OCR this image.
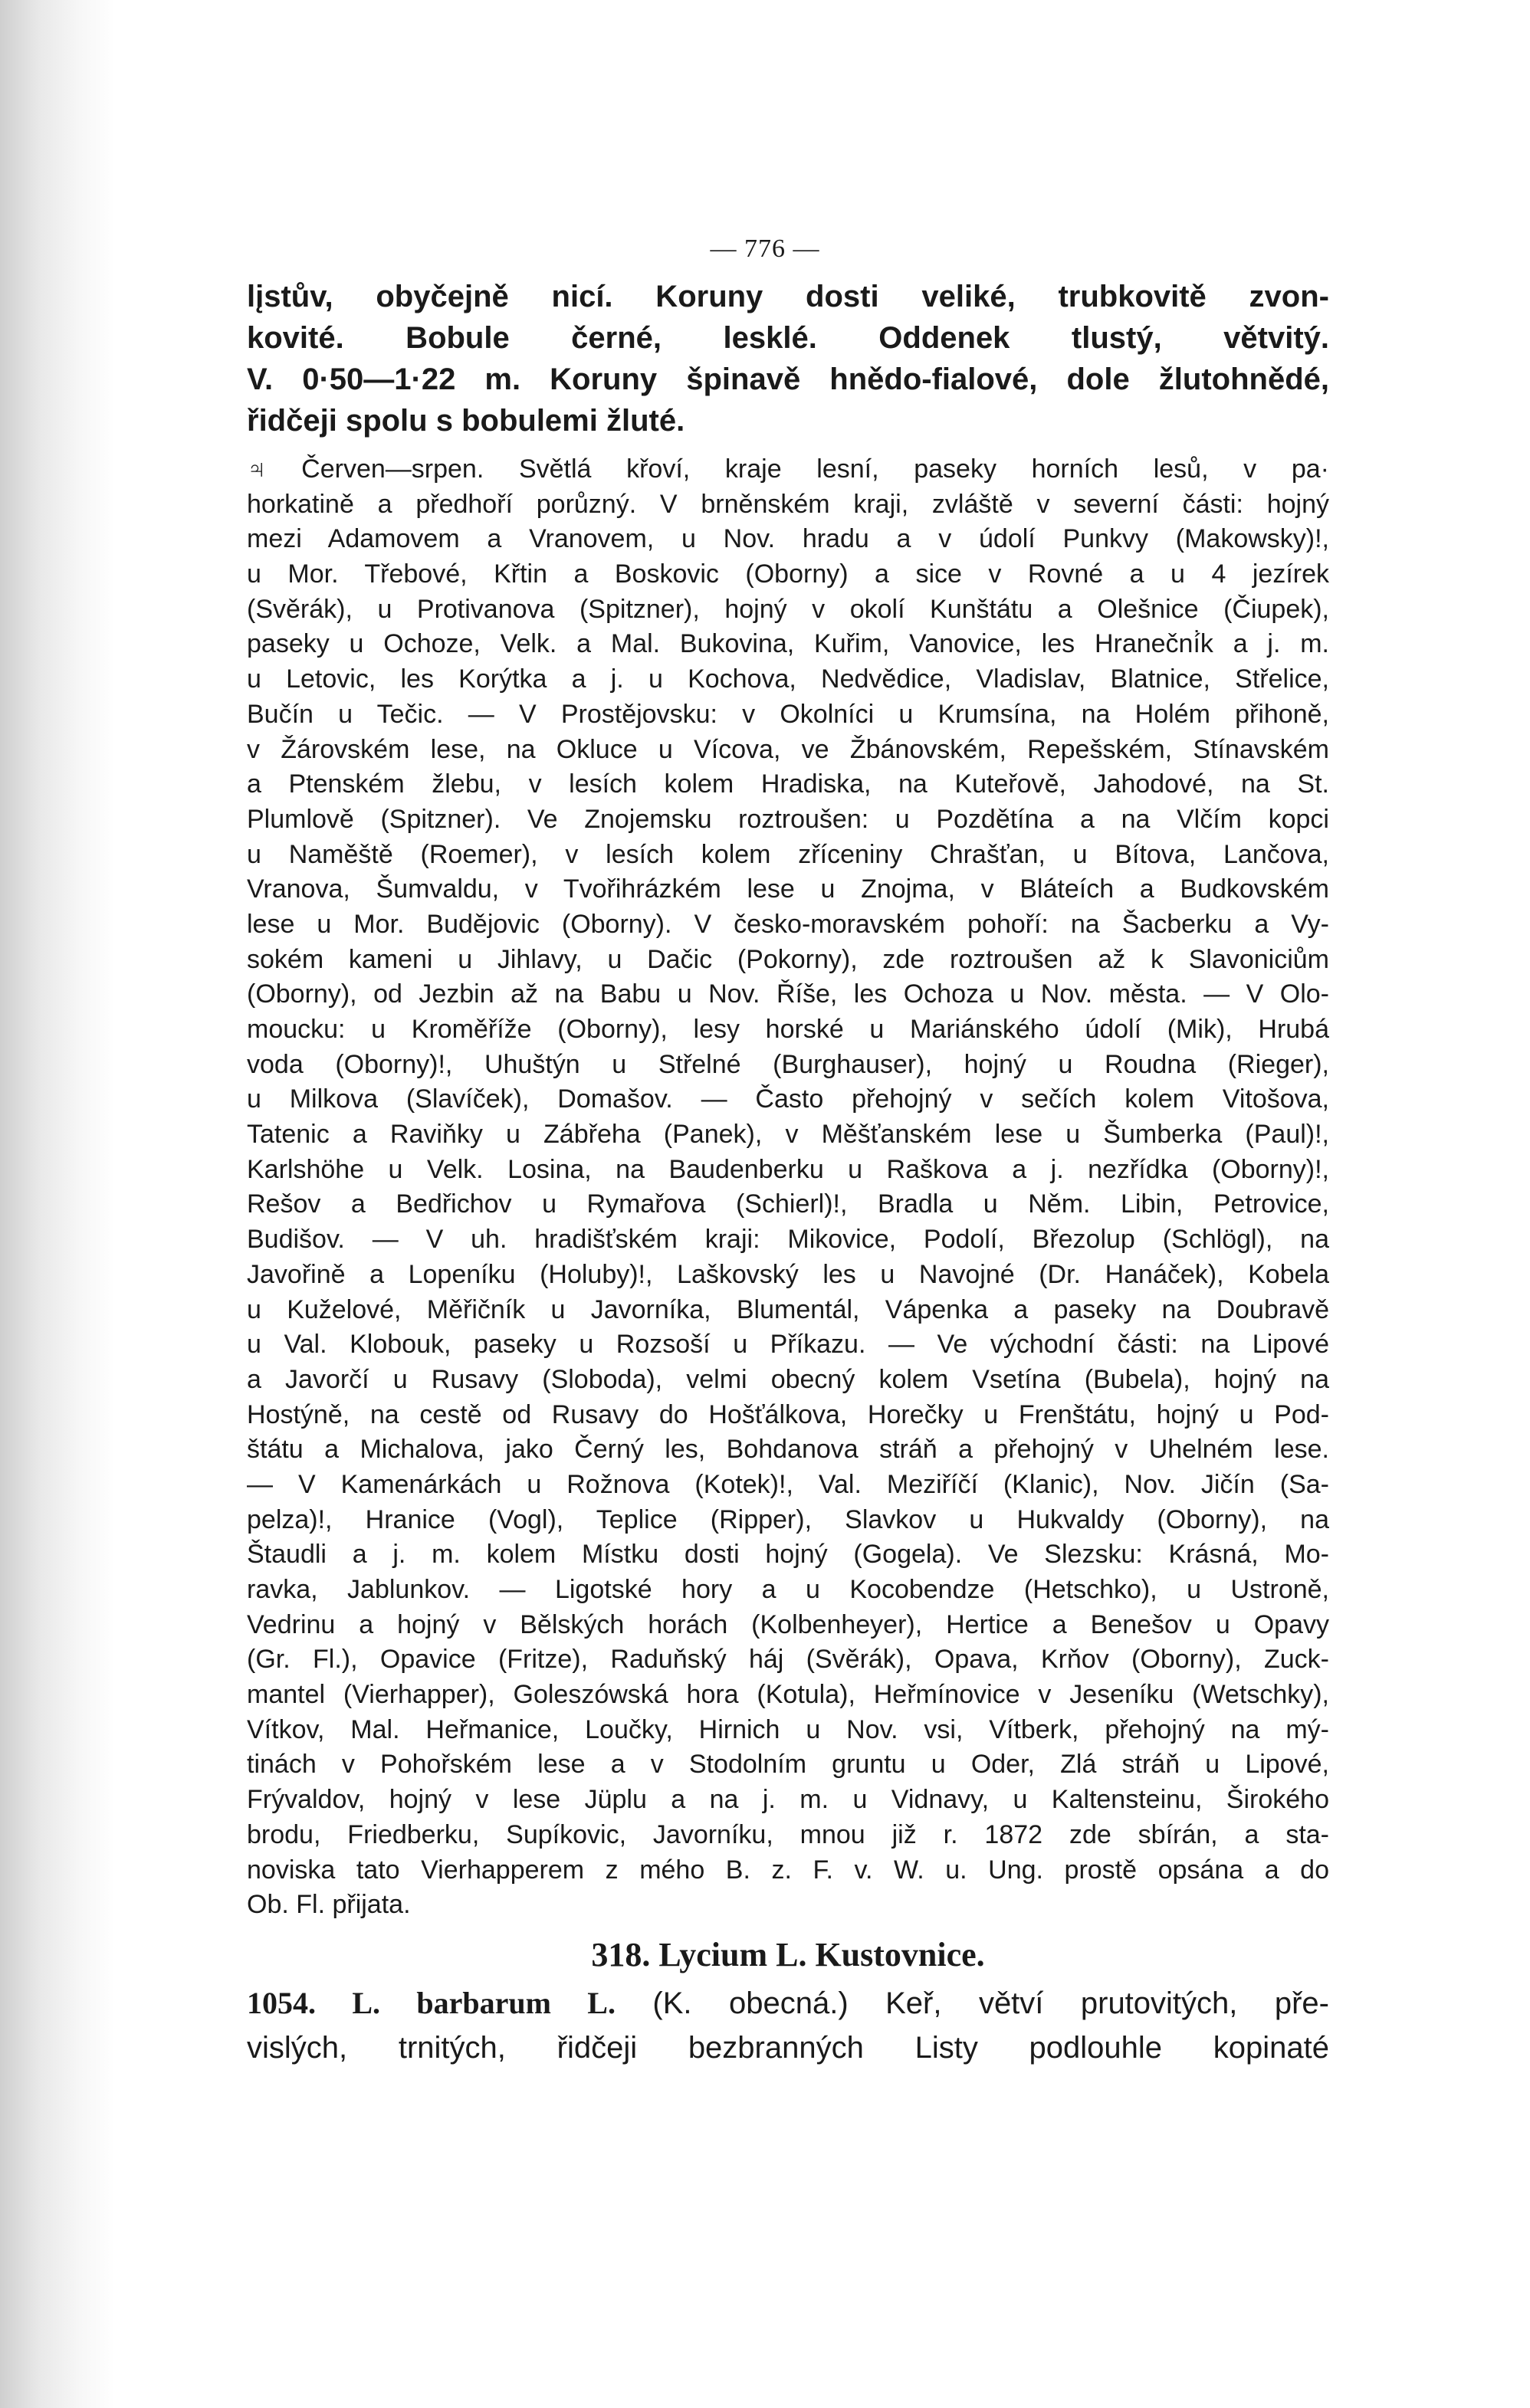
— 776 —
lįstův, obyčejně nicí. Koruny dosti veliké, trubkovitě zvon-
kovité. Bobule černé, lesklé. Oddenek tlustý, větvitý.
V. 0·50—1·22 m. Koruny špinavě hnědo-fialové, dole žlutohnědé,
řidčeji spolu s bobulemi žluté.
♃ Červen—srpen. Světlá křoví, kraje lesní, paseky horních lesů, v pa·
horkatině a předhoří porůzný. V brněnském kraji, zvláště v severní části: hojný
mezi Adamovem a Vranovem, u Nov. hradu a v údolí Punkvy (Makowsky)!,
u Mor. Třebové, Křtin a Boskovic (Oborny) a sice v Rovné a u 4 jezírek
(Svěrák), u Protivanova (Spitzner), hojný v okolí Kunštátu a Olešnice (Čiupek),
paseky u Ochoze, Velk. a Mal. Bukovina, Kuřim, Vanovice, les Hraneční̇k a j. m.
u Letovic, les Korýtka a j. u Kochova, Nedvědice, Vladislav, Blatnice, Střelice,
Bučín u Tečic. — V Prostějovsku: v Okolníci u Krumsína, na Holém přihoně,
v Žárovském lese, na Okluce u Vícova, ve Žbánovském, Repešském, Stínavském
a Ptenském žlebu, v lesích kolem Hradiska, na Kuteřově, Jahodové, na St.
Plumlově (Spitzner). Ve Znojemsku roztroušen: u Pozdětína a na Vlčím kopci
u Naměště (Roemer), v lesích kolem zříceniny Chrašťan, u Bítova, Lančova,
Vranova, Šumvaldu, v Tvořihrázkém lese u Znojma, v Bláteích a Budkovském
lese u Mor. Budějovic (Oborny). V česko-moravském pohoří: na Šacberku a Vy-
sokém kameni u Jihlavy, u Dačic (Pokorny), zde roztroušen až k Slavoniciům
(Oborny), od Jezbin až na Babu u Nov. Říše, les Ochoza u Nov. města. — V Olo-
moucku: u Kroměříže (Oborny), lesy horské u Mariánského údolí (Mik), Hrubá
voda (Oborny)!, Uhuštýn u Střelné (Burghauser), hojný u Roudna (Rieger),
u Milkova (Slavíček), Domašov. — Často přehojný v sečích kolem Vitošova,
Tatenic a Raviňky u Zábřeha (Panek), v Měšťanském lese u Šumberka (Paul)!,
Karlshöhe u Velk. Losina, na Baudenberku u Raškova a j. nezřídka (Oborny)!,
Rešov a Bedřichov u Rymařova (Schierl)!, Bradla u Něm. Libin, Petrovice,
Budišov. — V uh. hradišťském kraji: Mikovice, Podolí, Březolup (Schlögl), na
Javořině a Lopeníku (Holuby)!, Laškovský les u Navojné (Dr. Hanáček), Kobela
u Kuželové, Měřičník u Javorníka, Blumentál, Vápenka a paseky na Doubravě
u Val. Klobouk, paseky u Rozsoší u Příkazu. — Ve východní části: na Lipové
a Javorčí u Rusavy (Sloboda), velmi obecný kolem Vsetína (Bubela), hojný na
Hostýně, na cestě od Rusavy do Hošťálkova, Horečky u Frenštátu, hojný u Pod-
štátu a Michalova, jako Černý les, Bohdanova stráň a přehojný v Uhelném lese.
— V Kamenárkách u Rožnova (Kotek)!, Val. Meziříčí (Klanic), Nov. Jičín (Sa-
pelza)!, Hranice (Vogl), Teplice (Ripper), Slavkov u Hukvaldy (Oborny), na
Štaudli a j. m. kolem Místku dosti hojný (Gogela). Ve Slezsku: Krásná, Mo-
ravka, Jablunkov. — Ligotské hory a u Kocobendze (Hetschko), u Ustroně,
Vedrinu a hojný v Bělských horách (Kolbenheyer), Hertice a Benešov u Opavy
(Gr. Fl.), Opavice (Fritze), Raduňský háj (Svěrák), Opava, Krňov (Oborny), Zuck-
mantel (Vierhapper), Goleszówská hora (Kotula), Heřmínovice v Jeseníku (Wetschky),
Vítkov, Mal. Heřmanice, Loučky, Hirnich u Nov. vsi, Vítberk, přehojný na mý-
tinách v Pohořském lese a v Stodolním gruntu u Oder, Zlá stráň u Lipové,
Frývaldov, hojný v lese Jüplu a na j. m. u Vidnavy, u Kaltensteinu, Širokého
brodu, Friedberku, Supíkovic, Javorníku, mnou již r. 1872 zde sbírán, a sta-
noviska tato Vierhapperem z mého B. z. F. v. W. u. Ung. prostě opsána a do
Ob. Fl. přijata.
318. Lycium L. Kustovnice.
1054. L. barbarum L. (K. obecná.) Keř, větví prutovitých, pře-
vislých, trnitých, řidčeji bezbranných Listy podlouhle kopinaté
